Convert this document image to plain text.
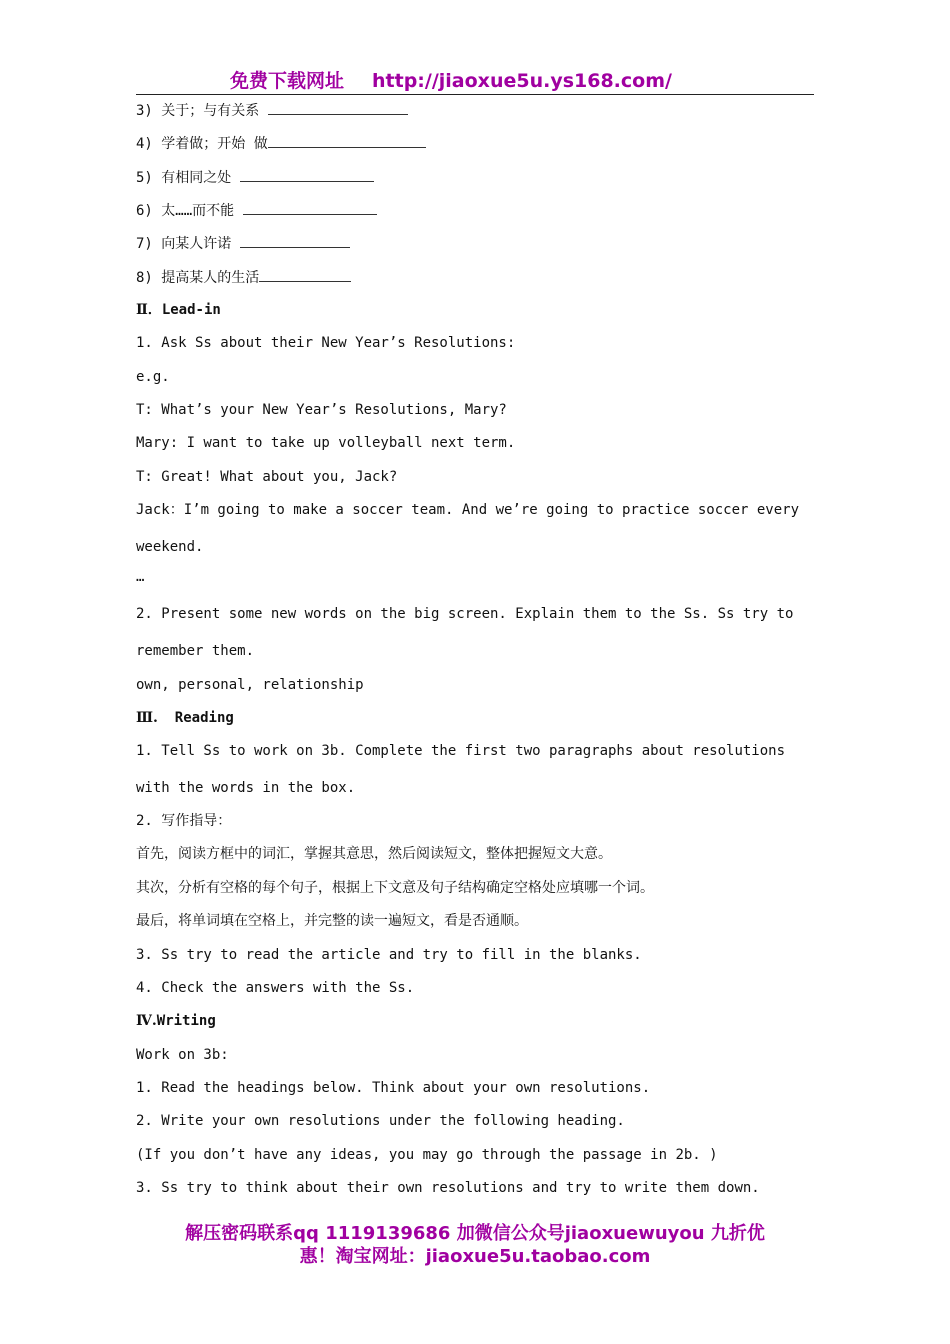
免费下载网址 http://jiaoxue5u.ys168.com/
3) 关于；与有关系
4) 学着做；开始 做
5) 有相同之处
6) 太……而不能
7) 向某人许诺
8) 提高某人的生活
Ⅱ．Lead-in
1. Ask Ss about their New Year’s Resolutions:
e.g.
T: What’s your New Year’s Resolutions, Mary?
Mary: I want to take up volleyball next term.
T: Great! What about you, Jack?
Jack：I’m going to make a soccer team. And we’re going to practice soccer every
weekend.
…
2. Present some new words on the big screen. Explain them to the Ss. Ss try to
remember them.
own, personal, relationship
Ⅲ. Reading
1. Tell Ss to work on 3b. Complete the first two paragraphs about resolutions
with the words in the box.
2. 写作指导：
首先，阅读方框中的词汇，掌握其意思，然后阅读短文，整体把握短文大意。
其次，分析有空格的每个句子，根据上下文意及句子结构确定空格处应填哪一个词。
最后，将单词填在空格上，并完整的读一遍短文，看是否通顺。
3. Ss try to read the article and try to fill in the blanks.
4. Check the answers with the Ss.
Ⅳ.Writing
Work on 3b:
1. Read the headings below. Think about your own resolutions.
2. Write your own resolutions under the following heading.
(If you don’t have any ideas, you may go through the passage in 2b. )
3. Ss try to think about their own resolutions and try to write them down.
解压密码联系qq 1119139686 加微信公众号jiaoxuewuyou 九折优
惠！淘宝网址：jiaoxue5u.taobao.com
